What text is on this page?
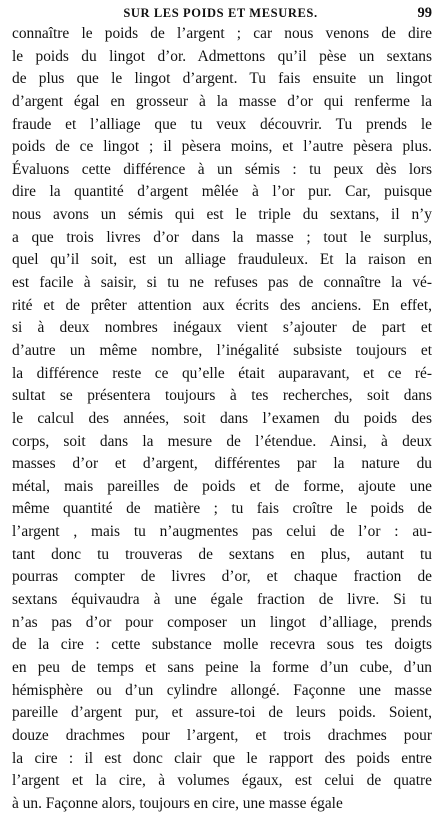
SUR LES POIDS ET MESURES.	99
connaître le poids de l’argent ; car nous venons de dire
le poids du lingot d’or. Admettons qu’il pèse un sextans
de plus que le lingot d’argent. Tu fais ensuite un lingot
d’argent égal en grosseur à la masse d’or qui renferme la
fraude et l’alliage que tu veux découvrir. Tu prends le
poids de ce lingot ; il pèsera moins, et l’autre pèsera plus.
Évaluons cette différence à un sémis : tu peux dès lors
dire la quantité d’argent mêlée à l’or pur. Car, puisque
nous avons un sémis qui est le triple du sextans, il n’y
a que trois livres d’or dans la masse ; tout le surplus,
quel qu’il soit, est un alliage frauduleux. Et la raison en
est facile à saisir, si tu ne refuses pas de connaître la vé-
rité et de prêter attention aux écrits des anciens. En effet,
si à deux nombres inégaux vient s’ajouter de part et
d’autre un même nombre, l’inégalité subsiste toujours et
la différence reste ce qu’elle était auparavant, et ce ré-
sultat se présentera toujours à tes recherches, soit dans
le calcul des années, soit dans l’examen du poids des
corps, soit dans la mesure de l’étendue. Ainsi, à deux
masses d’or et d’argent, différentes par la nature du
métal, mais pareilles de poids et de forme, ajoute une
même quantité de matière ; tu fais croître le poids de
l’argent , mais tu n’augmentes pas celui de l’or : au-
tant donc tu trouveras de sextans en plus, autant tu
pourras compter de livres d’or, et chaque fraction de
sextans équivaudra à une égale fraction de livre. Si tu
n’as pas d’or pour composer un lingot d’alliage, prends
de la cire : cette substance molle recevra sous tes doigts
en peu de temps et sans peine la forme d’un cube, d’un
hémisphère ou d’un cylindre allongé. Façonne une masse
pareille d’argent pur, et assure-toi de leurs poids. Soient,
douze drachmes pour l’argent, et trois drachmes pour
la cire : il est donc clair que le rapport des poids entre
l’argent et la cire, à volumes égaux, est celui de quatre
à un. Façonne alors, toujours en cire, une masse égale
